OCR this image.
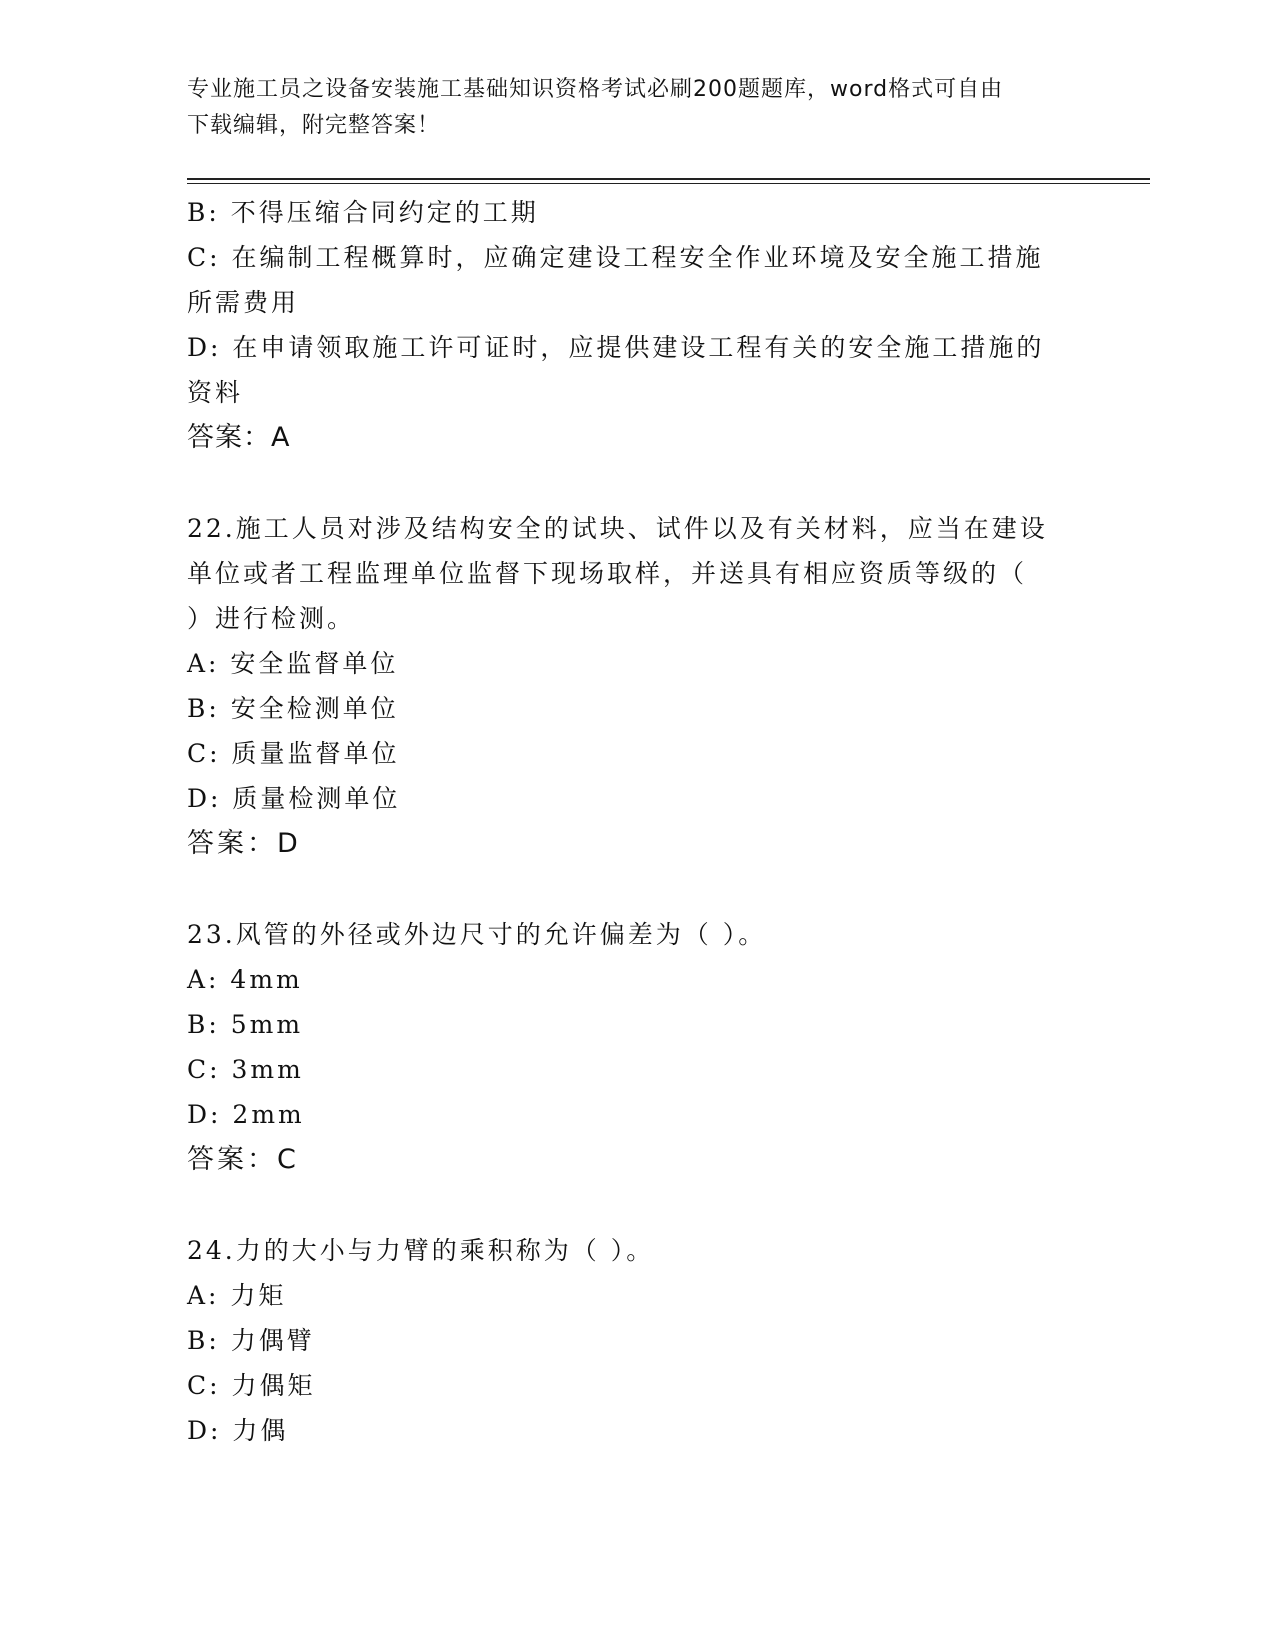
专业施工员之设备安装施工基础知识资格考试必刷200题题库，word格式可自由
下载编辑，附完整答案！
B: 不得压缩合同约定的工期
C: 在编制工程概算时，应确定建设工程安全作业环境及安全施工措施
所需费用
D: 在申请领取施工许可证时，应提供建设工程有关的安全施工措施的
资料
答案：A
22.施工人员对涉及结构安全的试块、试件以及有关材料，应当在建设
单位或者工程监理单位监督下现场取样，并送具有相应资质等级的（
）进行检测。
A: 安全监督单位
B: 安全检测单位
C: 质量监督单位
D: 质量检测单位
答案：D
23.风管的外径或外边尺寸的允许偏差为（ ）。
A: 4mm
B: 5mm
C: 3mm
D: 2mm
答案：C
24.力的大小与力臂的乘积称为（ ）。
A: 力矩
B: 力偶臂
C: 力偶矩
D: 力偶
